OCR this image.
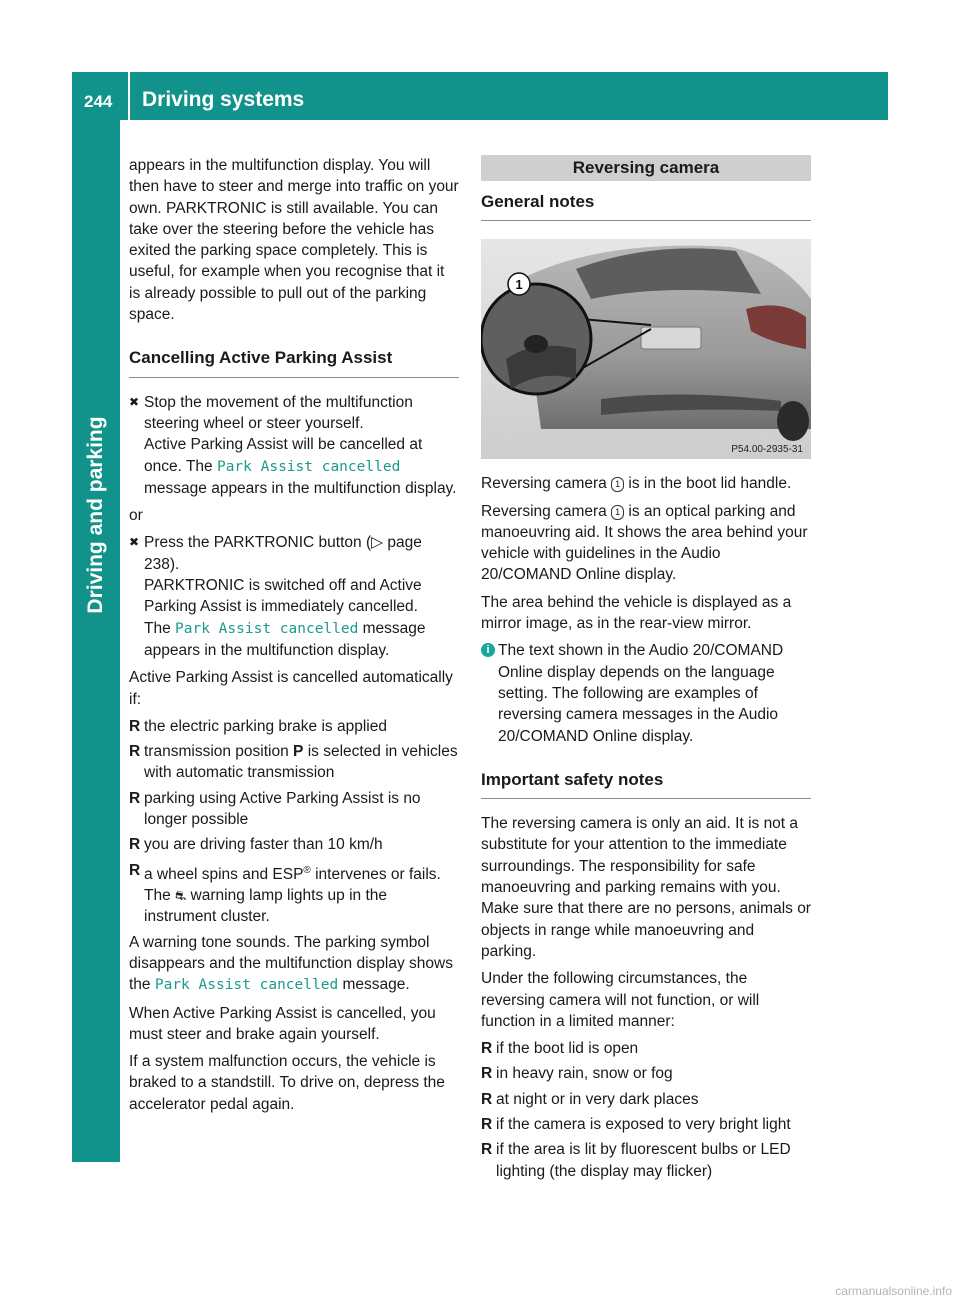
244 Driving systems
Driving and parking

appears in the multifunction display. You will then have to steer and merge into traffic on your own. PARKTRONIC is still available. You can take over the steering before the vehicle has exited the parking space completely. This is useful, for example when you recognise that it is already possible to pull out of the parking space.

Cancelling Active Parking Assist
✖ Stop the movement of the multifunction steering wheel or steer yourself.
Active Parking Assist will be cancelled at once. The Park Assist cancelled message appears in the multifunction display.

or

✖ Press the PARKTRONIC button (▷ page 238).
PARKTRONIC is switched off and Active Parking Assist is immediately cancelled.
The Park Assist cancelled message appears in the multifunction display.

Active Parking Assist is cancelled automatically if:

R the electric parking brake is applied
R transmission position P is selected in vehicles with automatic transmission
R parking using Active Parking Assist is no longer possible
R you are driving faster than 10 km/h
R a wheel spins and ESP® intervenes or fails. The ⛐ warning lamp lights up in the instrument cluster.

A warning tone sounds. The parking symbol disappears and the multifunction display shows the Park Assist cancelled message.

When Active Parking Assist is cancelled, you must steer and brake again yourself.

If a system malfunction occurs, the vehicle is braked to a standstill. To drive on, depress the accelerator pedal again.

Reversing camera
General notes
1
P54.00-2935-31

Reversing camera 1 is in the boot lid handle.

Reversing camera 1 is an optical parking and manoeuvring aid. It shows the area behind your vehicle with guidelines in the Audio 20/COMAND Online display.

The area behind the vehicle is displayed as a mirror image, as in the rear-view mirror.

i The text shown in the Audio 20/COMAND Online display depends on the language setting. The following are examples of reversing camera messages in the Audio 20/COMAND Online display.
Important safety notes

The reversing camera is only an aid. It is not a substitute for your attention to the immediate surroundings. The responsibility for safe manoeuvring and parking remains with you. Make sure that there are no persons, animals or objects in range while manoeuvring and parking.

Under the following circumstances, the reversing camera will not function, or will function in a limited manner:

R if the boot lid is open
R in heavy rain, snow or fog
R at night or in very dark places
R if the camera is exposed to very bright light
R if the area is lit by fluorescent bulbs or LED lighting (the display may flicker)
carmanualsonline.info
